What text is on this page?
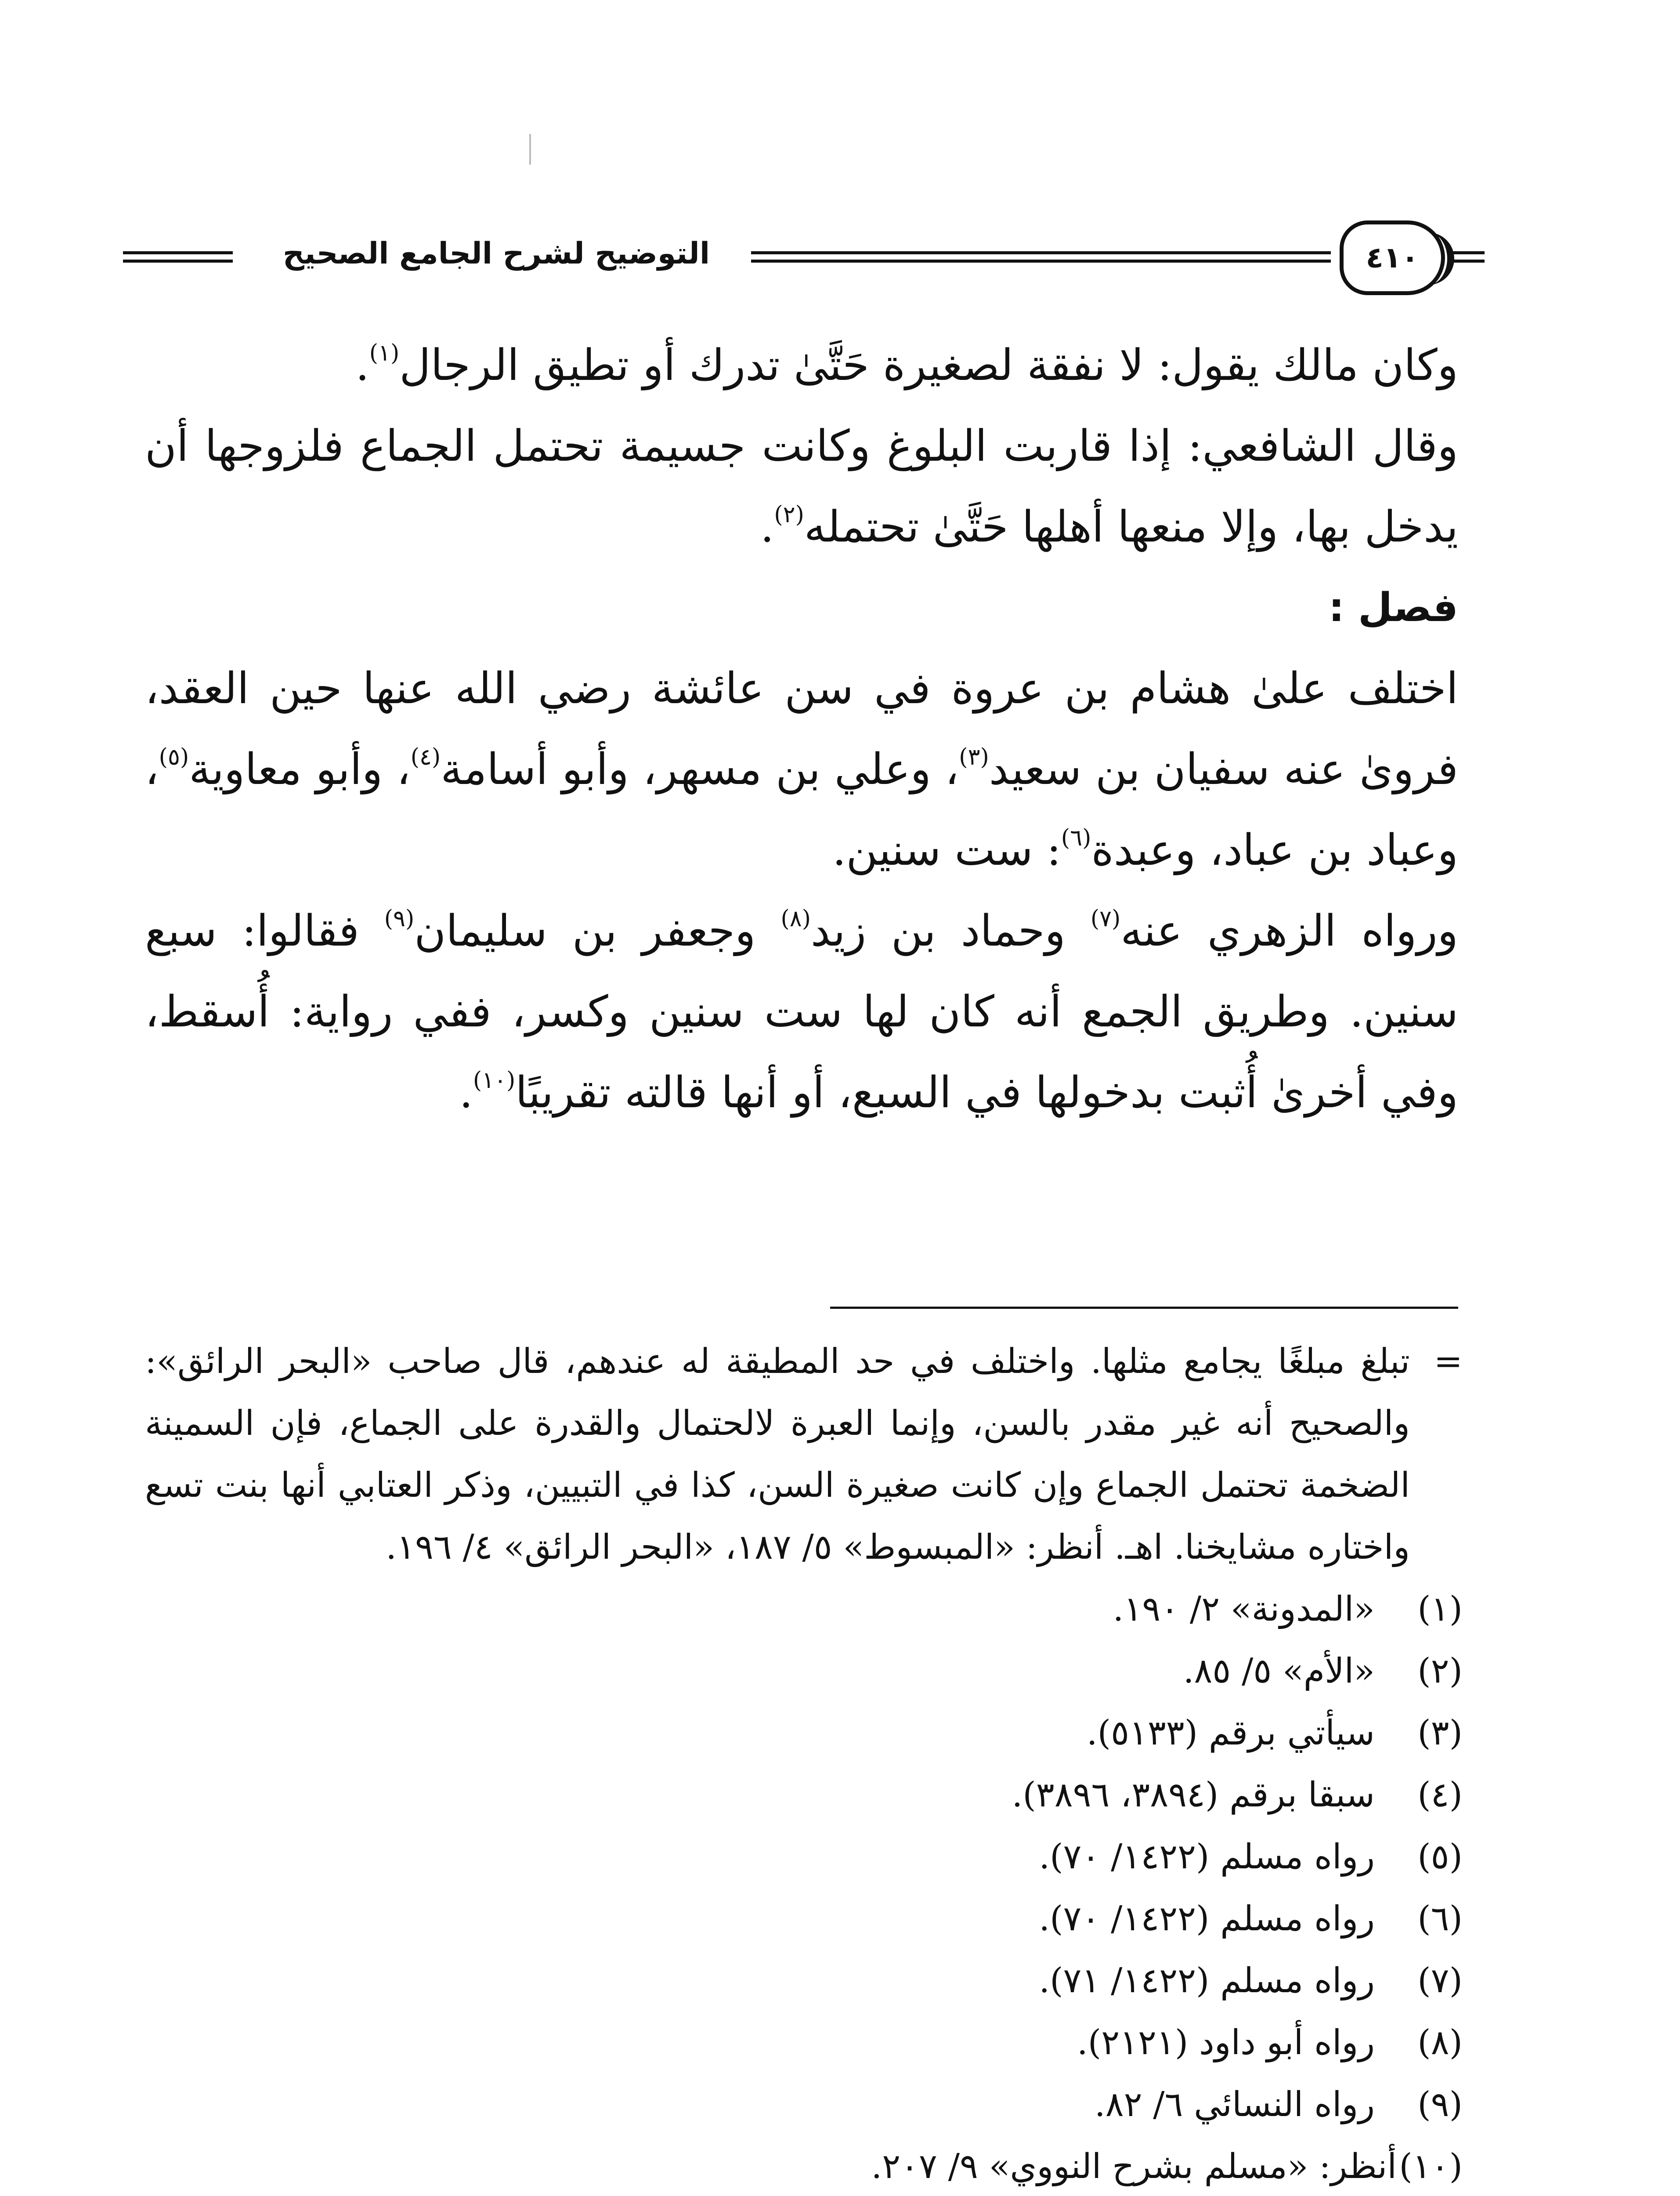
التوضيح لشرح الجامع الصحيح	٤١٠

وكان مالك يقول: لا نفقة لصغيرة حَتَّىٰ تدرك أو تطيق الرجال$^{(١)}$.

وقال الشافعي: إذا قاربت البلوغ وكانت جسيمة تحتمل الجماع فلزوجها أن يدخل بها، وإلا منعها أهلها حَتَّىٰ تحتمله$^{(٢)}$.

فصل :

اختلف علىٰ هشام بن عروة في سن عائشة رضي الله عنها حين العقد، فروىٰ عنه سفيان بن سعيد$^{(٣)}$، وعلي بن مسهر، وأبو أسامة$^{(٤)}$، وأبو معاوية$^{(٥)}$، وعباد بن عباد، وعبدة$^{(٦)}$: ست سنين.

ورواه الزهري عنه$^{(٧)}$ وحماد بن زيد$^{(٨)}$ وجعفر بن سليمان$^{(٩)}$ فقالوا: سبع سنين. وطريق الجمع أنه كان لها ست سنين وكسر، ففي رواية: أُسقط، وفي أخرىٰ أُثبت بدخولها في السبع، أو أنها قالته تقريبًا$^{(١٠)}$.

=
تبلغ مبلغًا يجامع مثلها. واختلف في حد المطيقة له عندهم، قال صاحب «البحر الرائق»: والصحيح أنه غير مقدر بالسن، وإنما العبرة لالحتمال والقدرة على الجماع، فإن السمينة الضخمة تحتمل الجماع وإن كانت صغيرة السن، كذا في التبيين، وذكر العتابي أنها بنت تسع واختاره مشايخنا. اهـ. أنظر: «المبسوط» ٥/ ١٨٧، «البحر الرائق» ٤/ ١٩٦.
(١)
«المدونة» ٢/ ١٩٠.
(٢)
«الأم» ٥/ ٨٥.
(٣)
سيأتي برقم (٥١٣٣).
(٤)
سبقا برقم (٣٨٩٤، ٣٨٩٦).
(٥)
رواه مسلم (١٤٢٢/ ٧٠).
(٦)
رواه مسلم (١٤٢٢/ ٧٠).
(٧)
رواه مسلم (١٤٢٢/ ٧١).
(٨)
رواه أبو داود (٢١٢١).
(٩)
رواه النسائي ٦/ ٨٢.
(١٠)
أنظر: «مسلم بشرح النووي» ٩/ ٢٠٧.
